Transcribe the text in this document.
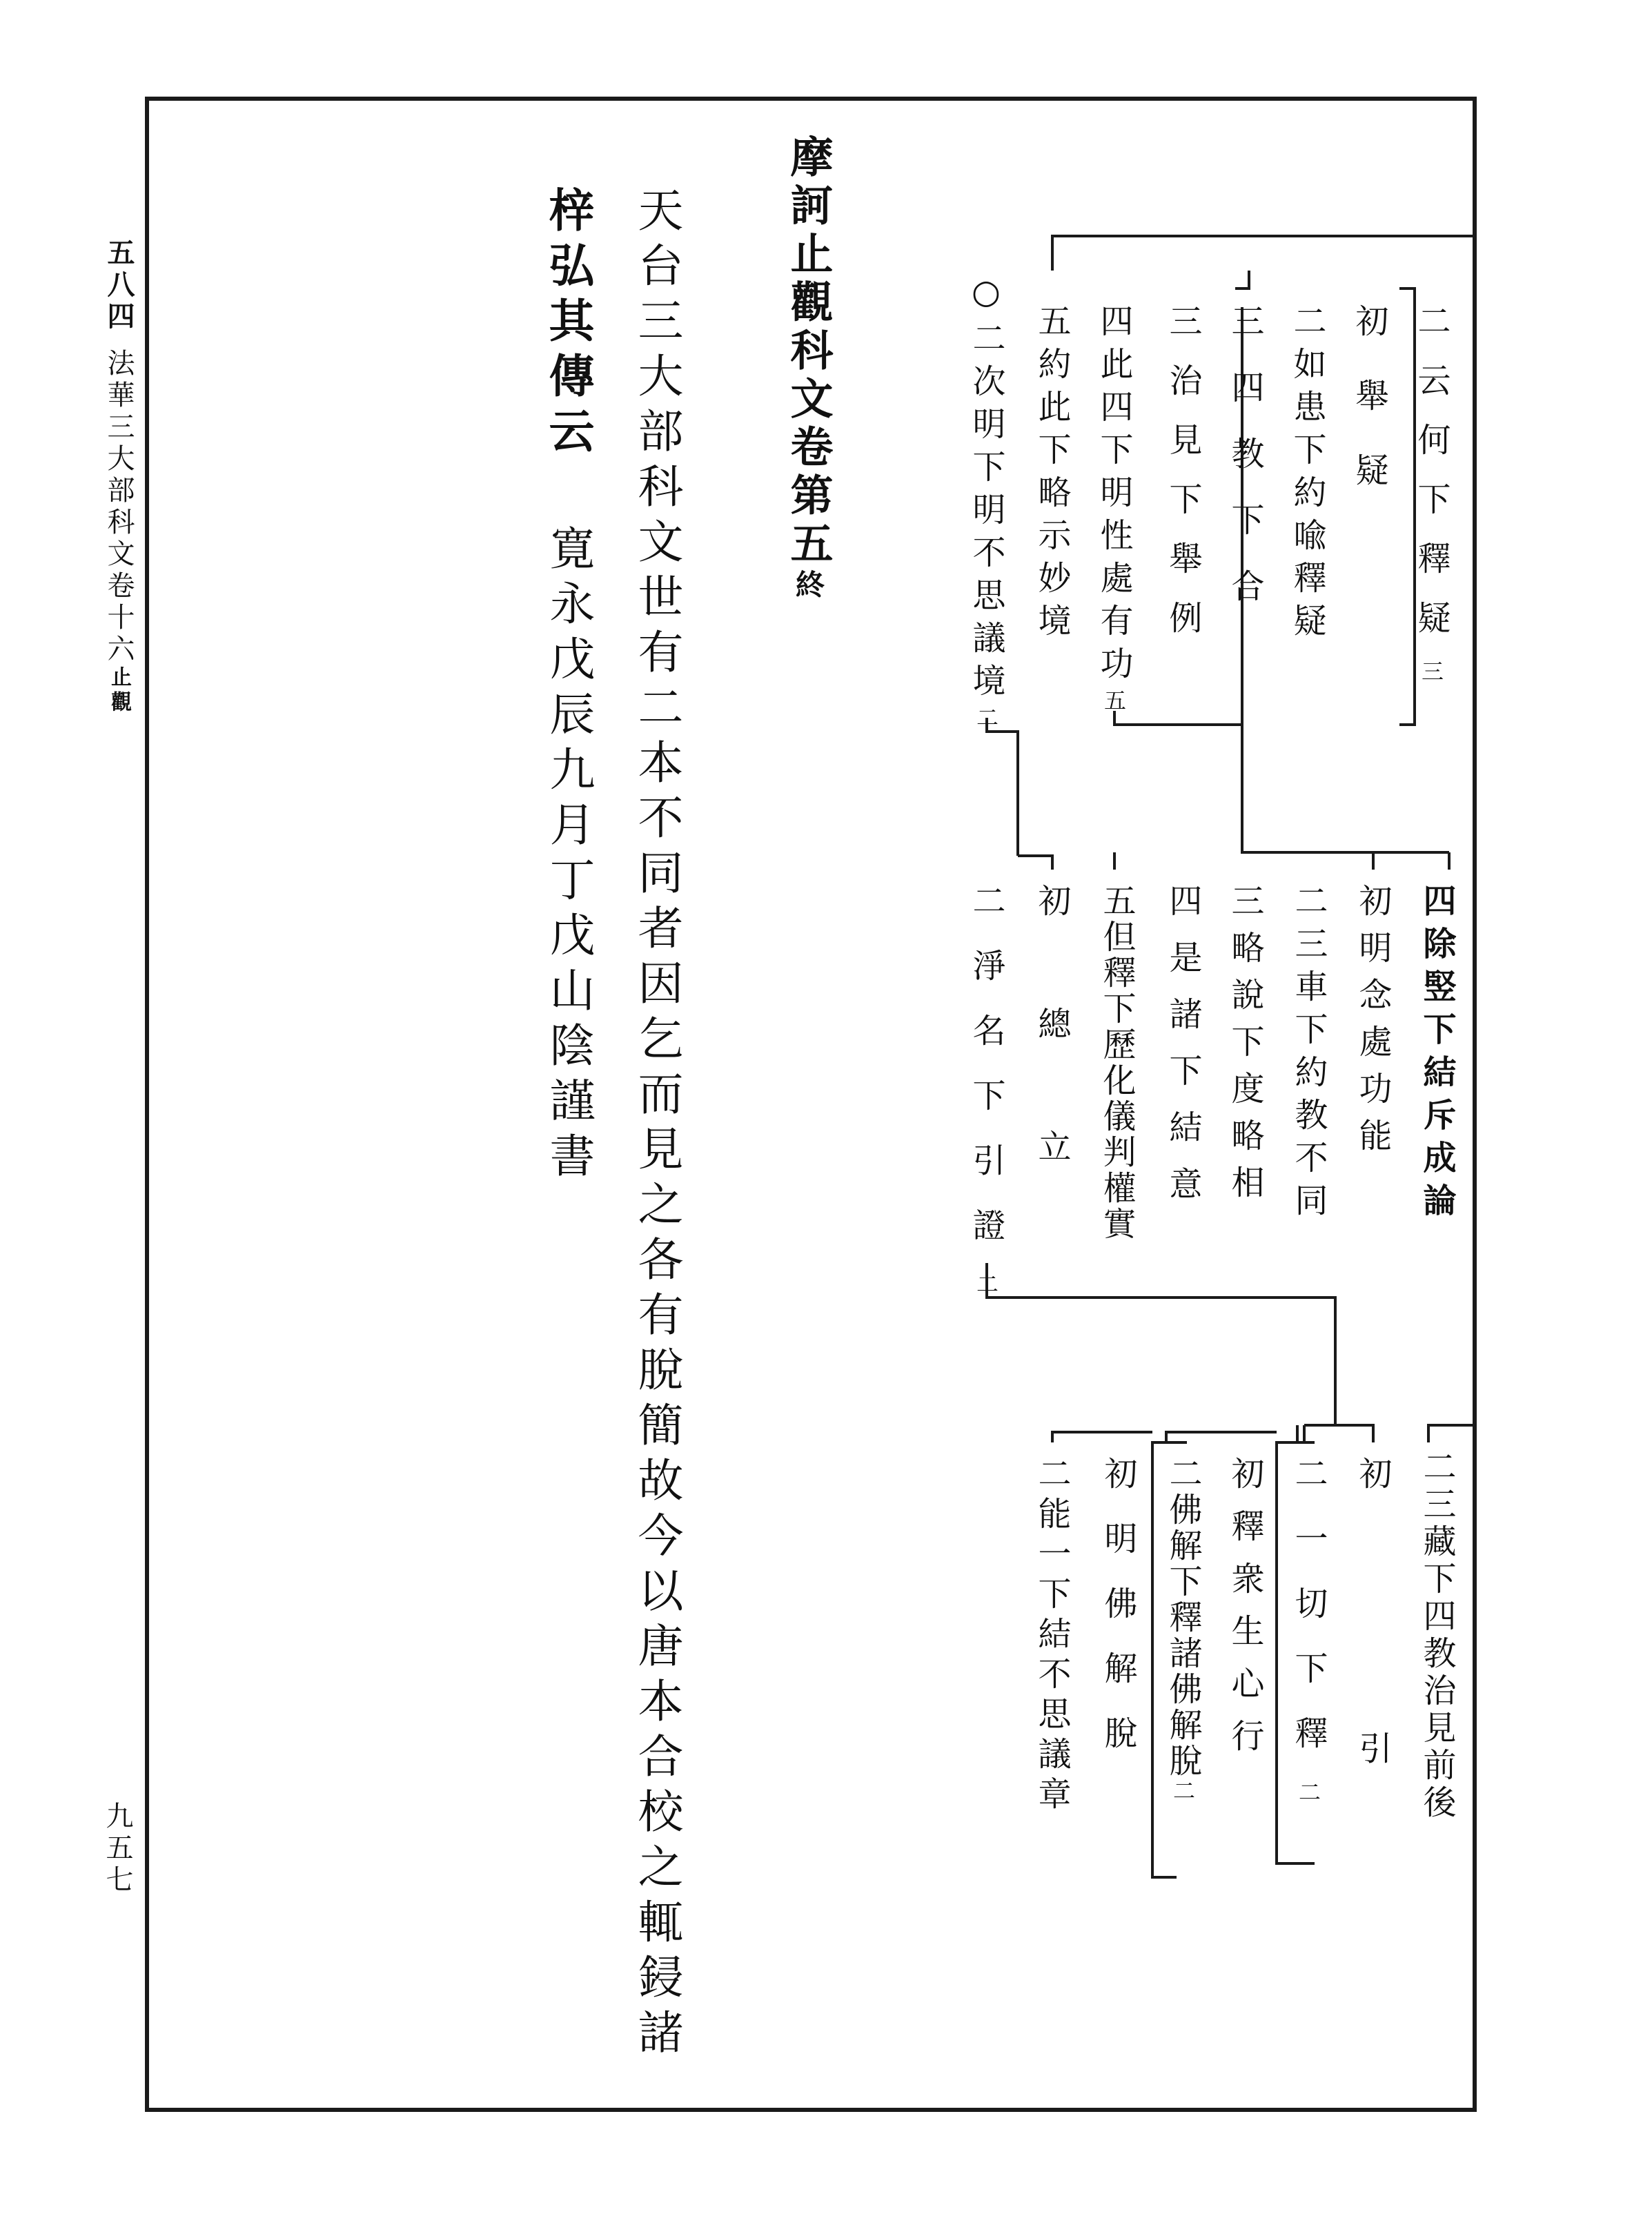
五八四
法華三大部科文卷十六止觀
九五七
二云何下釋疑三
初舉疑
二如患下約喩釋疑
三四教下合
三治見下舉例
四此四下明性處有功五
五約此下略示妙境
○二次明下明不思議境二
四除竪下結斥成論
初明念處功能
二三車下約教不同
三略說下度略相
四是諸下結意
五但釋下歷化儀判權實
初總立
二淨名下引證二
二三藏下四教治見前後
初引
二一切下釋二
初釋衆生心行
二佛解下釋諸佛解脫二
初明佛解脫
二能一下結不思議章
摩訶止觀科文卷第五終
天台三大部科文世有二本不同者因乞而見之各有脫簡故今以唐本合校之輒鋟諸
梓弘其傳云寛永戊辰九月丁戊山陰謹書
